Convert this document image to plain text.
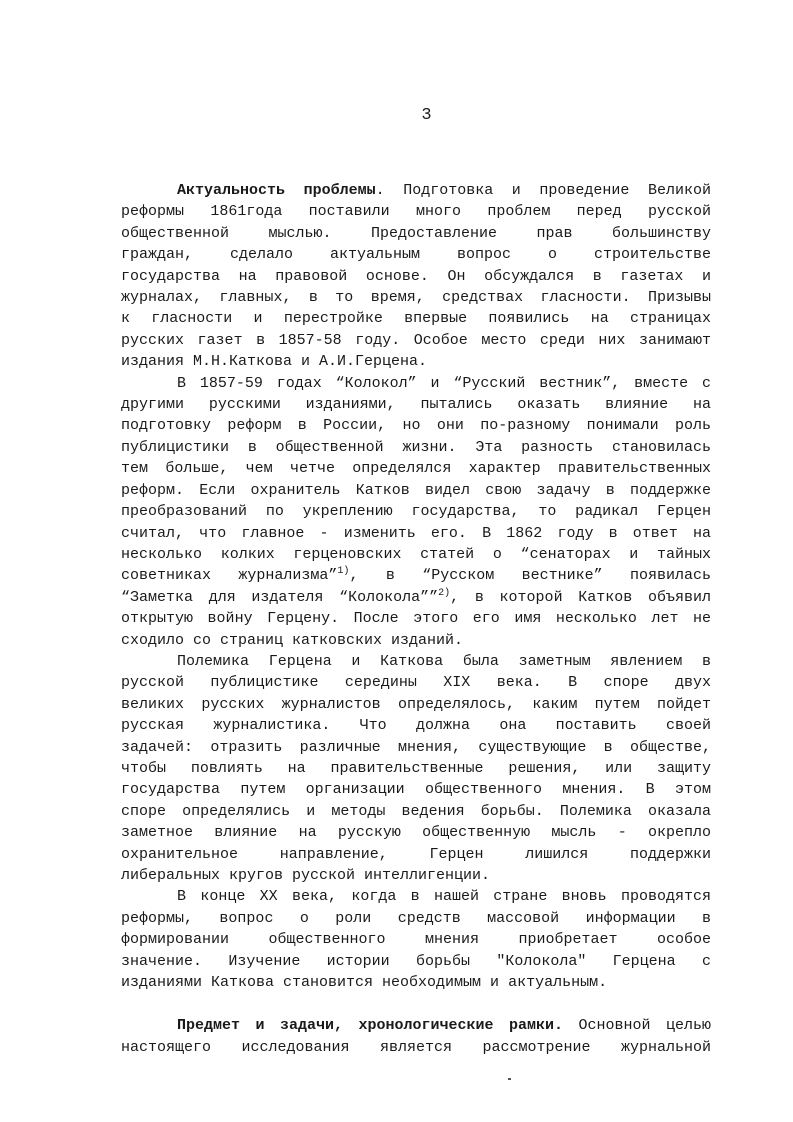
3
Актуальность проблемы. Подготовка и проведение Великой
реформы 1861года поставили много проблем перед русской
общественной мыслью. Предоставление прав большинству
граждан, сделало актуальным вопрос о строительстве
государства на правовой основе. Он обсуждался в газетах и
журналах, главных, в то время, средствах гласности. Призывы
к гласности и перестройке впервые появились на страницах
русских газет в 1857-58 году. Особое место среди них занимают
издания М.Н.Каткова и А.И.Герцена.
В 1857-59 годах “Колокол” и “Русский вестник”, вместе с
другими русскими изданиями, пытались оказать влияние на
подготовку реформ в России, но они по-разному понимали роль
публицистики в общественной жизни. Эта разность становилась
тем больше, чем четче определялся характер правительственных
реформ. Если охранитель Катков видел свою задачу в поддержке
преобразований по укреплению государства, то радикал Герцен
считал, что главное - изменить его. В 1862 году в ответ на
несколько колких герценовских статей о “сенаторах и тайных
советниках журнализма”$^{1)}$, в “Русском вестнике” появилась
“Заметка для издателя “Колокола””$^{2)}$, в которой Катков объявил
открытую войну Герцену. После этого его имя несколько лет не
сходило со страниц катковских изданий.
Полемика Герцена и Каткова была заметным явлением в
русской публицистике середины XIX века. В споре двух
великих русских журналистов определялось, каким путем пойдет
русская журналистика. Что должна она поставить своей
задачей: отразить различные мнения, существующие в обществе,
чтобы повлиять на правительственные решения, или защиту
государства путем организации общественного мнения. В этом
споре определялись и методы ведения борьбы. Полемика оказала
заметное влияние на русскую общественную мысль - окрепло
охранительное направление, Герцен лишился поддержки
либеральных кругов русской интеллигенции.
В конце XX века, когда в нашей стране вновь проводятся
реформы, вопрос о роли средств массовой информации в
формировании общественного мнения приобретает особое
значение. Изучение истории борьбы "Колокола" Герцена с
изданиями Каткова становится необходимым и актуальным.
Предмет и задачи, хронологические рамки. Основной целью
настоящего исследования является рассмотрение журнальной
